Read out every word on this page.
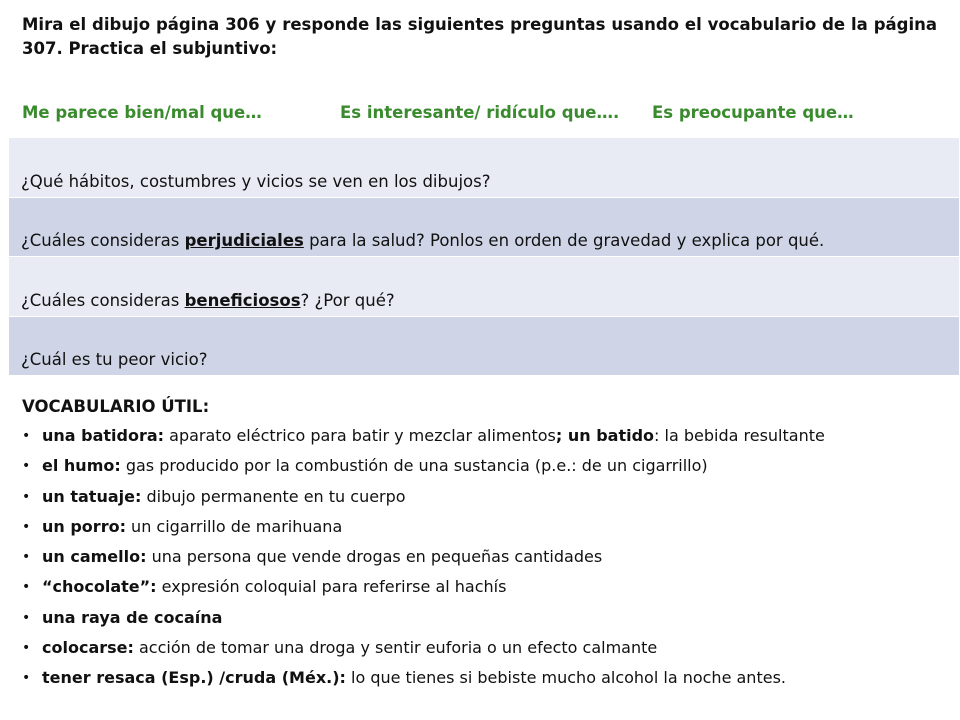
Mira el dibujo página 306 y responde las siguientes preguntas usando el vocabulario de la página 307. Practica el subjuntivo:
Me parece bien/mal que…	Es interesante/ ridículo que…. Es preocupante que…
¿Qué hábitos, costumbres y vicios se ven en los dibujos?
¿Cuáles consideras perjudiciales para la salud? Ponlos en orden de gravedad y explica por qué.
¿Cuáles consideras beneficiosos? ¿Por qué?
¿Cuál es tu peor vicio?
VOCABULARIO ÚTIL:
• una batidora: aparato eléctrico para batir y mezclar alimentos; un batido: la bebida resultante
• el humo: gas producido por la combustión de una sustancia (p.e.: de un cigarrillo)
• un tatuaje: dibujo permanente en tu cuerpo
• un porro: un cigarrillo de marihuana
• un camello: una persona que vende drogas en pequeñas cantidades
• “chocolate”: expresión coloquial para referirse al hachís
• una raya de cocaína
• colocarse: acción de tomar una droga y sentir euforia o un efecto calmante
• tener resaca (Esp.) /cruda (Méx.): lo que tienes si bebiste mucho alcohol la noche antes.
